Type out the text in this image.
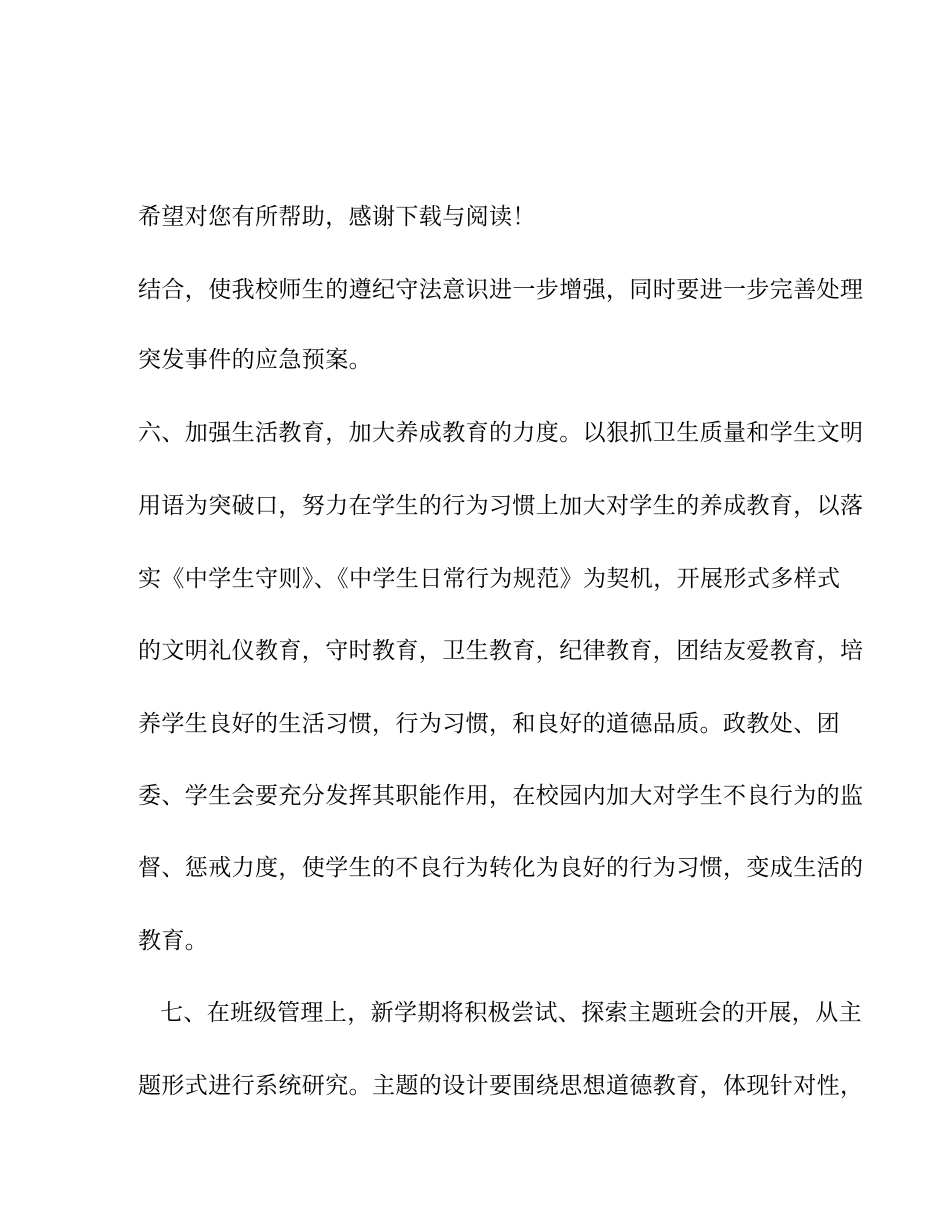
希望对您有所帮助，感谢下载与阅读！
结合，使我校师生的遵纪守法意识进一步增强，同时要进一步完善处理
突发事件的应急预案。
六、加强生活教育，加大养成教育的力度。以狠抓卫生质量和学生文明
用语为突破口，努力在学生的行为习惯上加大对学生的养成教育，以落
实《中学生守则》、《中学生日常行为规范》为契机，开展形式多样式
的文明礼仪教育，守时教育，卫生教育，纪律教育，团结友爱教育，培
养学生良好的生活习惯，行为习惯，和良好的道德品质。政教处、团
委、学生会要充分发挥其职能作用，在校园内加大对学生不良行为的监
督、惩戒力度，使学生的不良行为转化为良好的行为习惯，变成生活的
教育。
七、在班级管理上，新学期将积极尝试、探索主题班会的开展，从主
题形式进行系统研究。主题的设计要围绕思想道德教育，体现针对性，
